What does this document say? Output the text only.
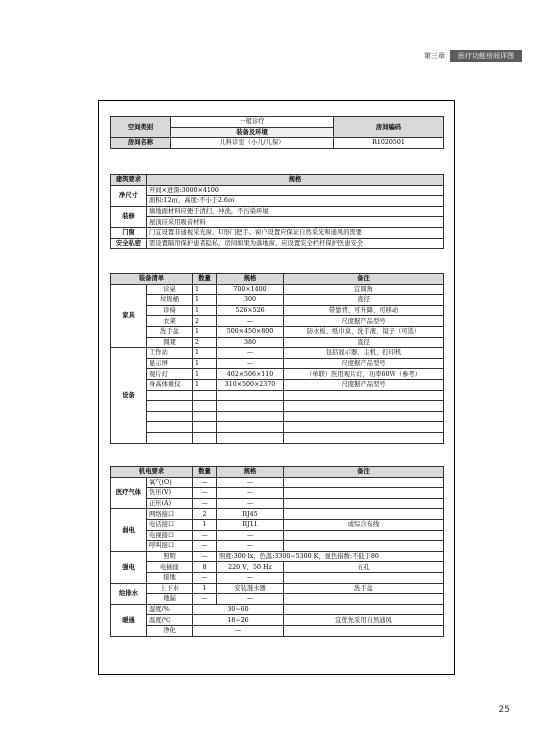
第三章	医疗功能房间详图
空间类别	一般诊疗	房间编码
	装备及环境	
房间名称	儿科诊室（小儿/儿保）	R1020501
建筑要求	规格
净尺寸	开间×进深:3000×4100
	面积:12㎡，高度:不小于2.6ｍ
装修	墙地面材料应便于清扫、冲洗，不污染环境
	屋顶应采用吸音材料
门窗	门宜设置非通视采光窗，U形门把手。窗户设置应保证自然采光和通风的需要
安全私密	需设置隔帘保护患者隐私，房间如果为落地窗，应设置安全栏杆保护医患安全
装备清单		数量	规格	备注
家具	诊桌	1	700×1400	宜圆角
	垃圾桶	1	300	直径
	诊椅	1	526×526	带靠背、可升降、可移动
	衣架	2	—	尺度据产品型号
	洗手盆	1	500×450×800	防水板、纸巾盒、洗手液、镜子（可选）
	圆凳	2	380	直径
设备	工作站	1	—	包括显示器、主机、打印机
	显示屏	1	—	尺度据产品型号
	观片灯	1	402×506×110	（单联）医用观片灯，功率60Ｗ（参考）
	身高体重仪	1	310×500×2370	尺度据产品型号

机电要求		数量	规格	备注
医疗气体	氧气(O)	—	—	
	负压(V)	—	—	
	正压(A)	—	—	
弱电	网络接口	2	RJ45	
	电话接口	1	RJ11	或综合布线
	电视接口	—	—	
	呼叫接口	—	—	
强电	照明	—	照度:300 lx，色温:3300~5300 K，显色指数:不低于80	
	电插座	8	220 V，50 Hz	五孔
	接地	—	—	
给排水	上下水	1	安装混水器	洗手盆
	地漏	—	—	
暖通	湿度/%	30~60		
	温度/℃	18~26		宜优先采用自然通风
	净化	—		
25
